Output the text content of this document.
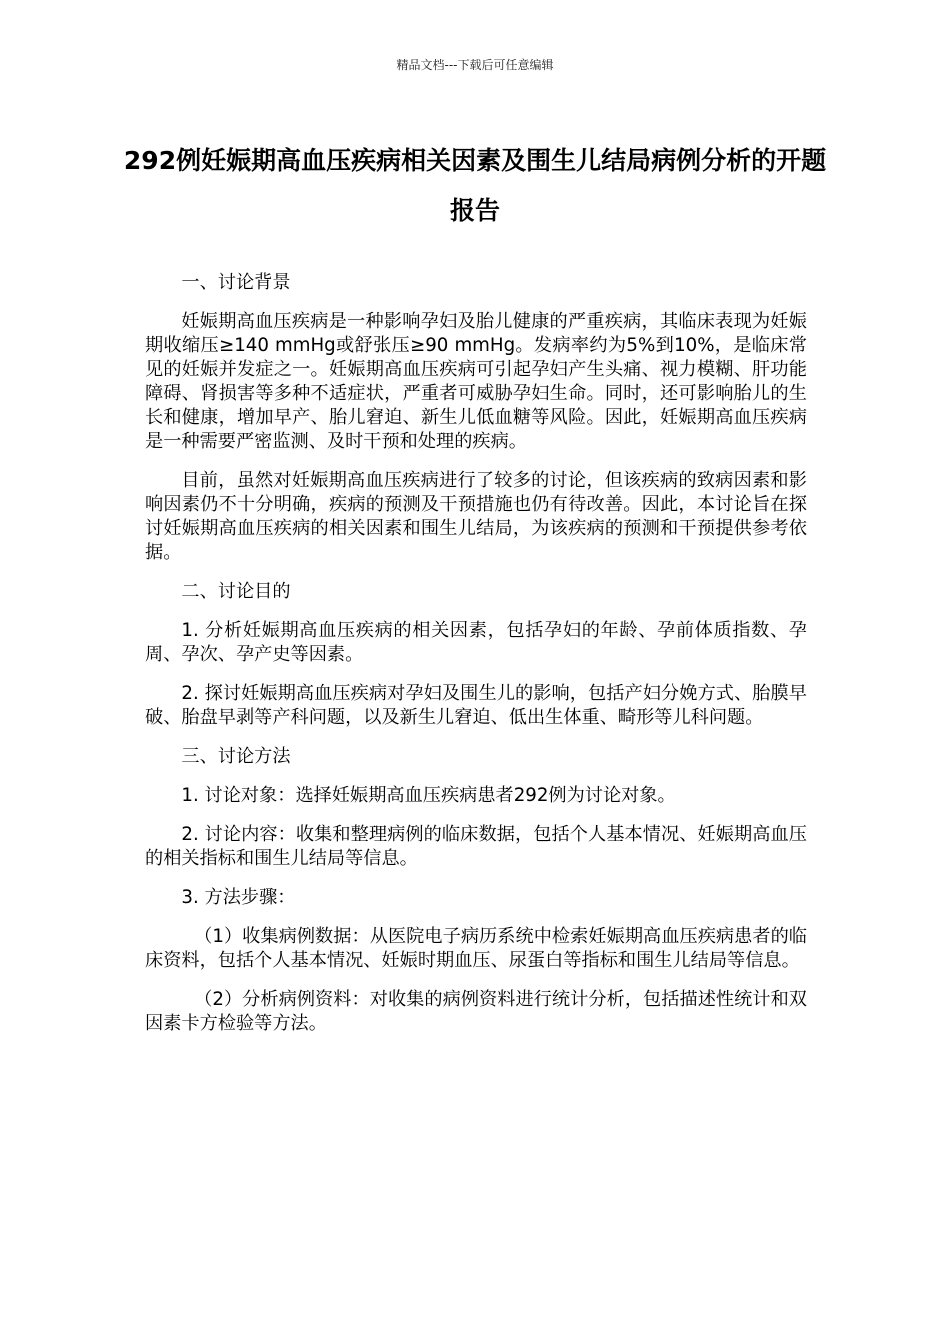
精品文档---下载后可任意编辑
292例妊娠期高血压疾病相关因素及围生儿结局病例分析的开题报告

一、讨论背景

妊娠期高血压疾病是一种影响孕妇及胎儿健康的严重疾病，其临床表现为妊娠期收缩压≥140 mmHg或舒张压≥90 mmHg。发病率约为5%到10%，是临床常见的妊娠并发症之一。妊娠期高血压疾病可引起孕妇产生头痛、视力模糊、肝功能障碍、肾损害等多种不适症状，严重者可威胁孕妇生命。同时，还可影响胎儿的生长和健康，增加早产、胎儿窘迫、新生儿低血糖等风险。因此，妊娠期高血压疾病是一种需要严密监测、及时干预和处理的疾病。

目前，虽然对妊娠期高血压疾病进行了较多的讨论，但该疾病的致病因素和影响因素仍不十分明确，疾病的预测及干预措施也仍有待改善。因此，本讨论旨在探讨妊娠期高血压疾病的相关因素和围生儿结局，为该疾病的预测和干预提供参考依据。

二、讨论目的

1. 分析妊娠期高血压疾病的相关因素，包括孕妇的年龄、孕前体质指数、孕周、孕次、孕产史等因素。

2. 探讨妊娠期高血压疾病对孕妇及围生儿的影响，包括产妇分娩方式、胎膜早破、胎盘早剥等产科问题，以及新生儿窘迫、低出生体重、畸形等儿科问题。

三、讨论方法

1. 讨论对象：选择妊娠期高血压疾病患者292例为讨论对象。

2. 讨论内容：收集和整理病例的临床数据，包括个人基本情况、妊娠期高血压的相关指标和围生儿结局等信息。

3. 方法步骤：

（1）收集病例数据：从医院电子病历系统中检索妊娠期高血压疾病患者的临床资料，包括个人基本情况、妊娠时期血压、尿蛋白等指标和围生儿结局等信息。

（2）分析病例资料：对收集的病例资料进行统计分析，包括描述性统计和双因素卡方检验等方法。
